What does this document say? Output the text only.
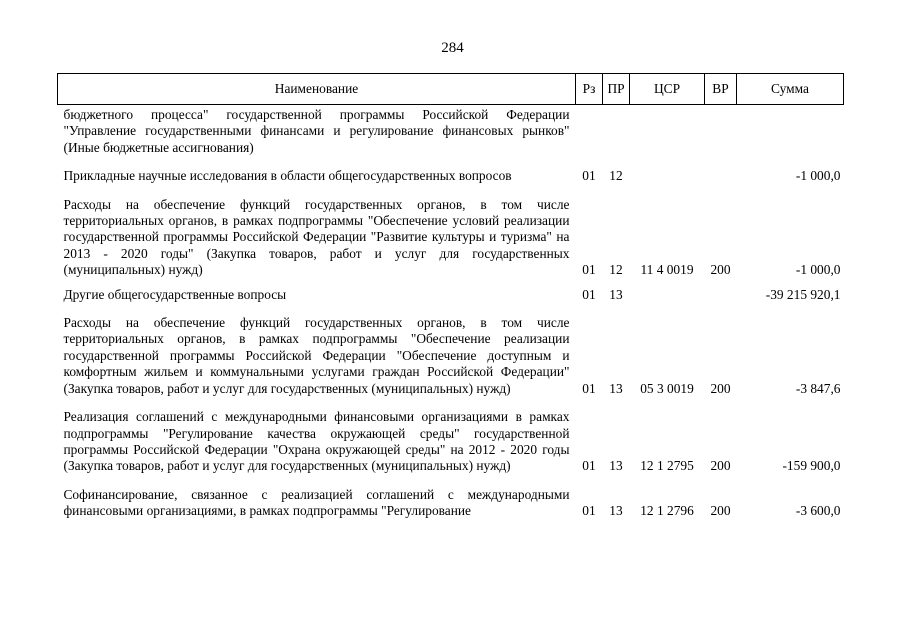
284
Наименование	Рз	ПР	ЦСР	ВР	Сумма
бюджетного процесса" государственной программы Российской Федерации "Управление государственными финансами и регулирование финансовых рынков" (Иные бюджетные ассигнования)					
Прикладные научные исследования в области общегосударственных вопросов	01	12			-1 000,0
Расходы на обеспечение функций государственных органов, в том числе территориальных органов, в рамках подпрограммы "Обеспечение условий реализации государственной программы Российской Федерации "Развитие культуры и туризма" на 2013 - 2020 годы" (Закупка товаров, работ и услуг для государственных (муниципальных) нужд)	01	12	11 4 0019	200	-1 000,0
Другие общегосударственные вопросы	01	13			-39 215 920,1
Расходы на обеспечение функций государственных органов, в том числе территориальных органов, в рамках подпрограммы "Обеспечение реализации государственной программы Российской Федерации "Обеспечение доступным и комфортным жильем и коммунальными услугами граждан Российской Федерации" (Закупка товаров, работ и услуг для государственных (муниципальных) нужд)	01	13	05 3 0019	200	-3 847,6
Реализация соглашений с международными финансовыми организациями в рамках подпрограммы "Регулирование качества окружающей среды" государственной программы Российской Федерации "Охрана окружающей среды" на 2012 - 2020 годы (Закупка товаров, работ и услуг для государственных (муниципальных) нужд)	01	13	12 1 2795	200	-159 900,0
Софинансирование, связанное с реализацией соглашений с международными финансовыми организациями, в рамках подпрограммы "Регулирование	01	13	12 1 2796	200	-3 600,0
